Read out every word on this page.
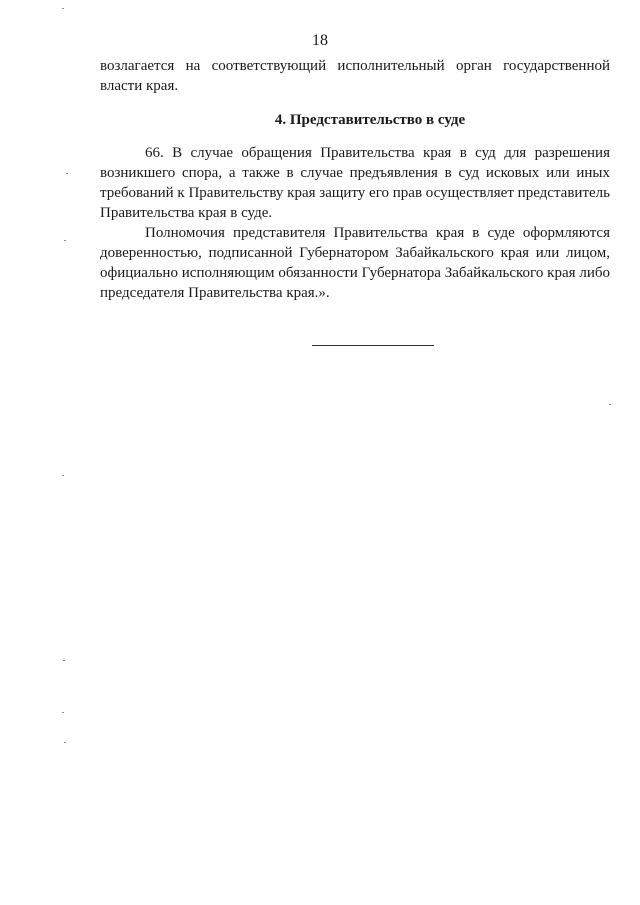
18

возлагается на соответствующий исполнительный орган государственной власти края.

4. Представительство в суде

66. В случае обращения Правительства края в суд для разрешения возникшего спора, а также в случае предъявления в суд исковых или иных требований к Правительству края защиту его прав осуществляет представитель Правительства края в суде.

Полномочия представителя Правительства края в суде оформляются доверенностью, подписанной Губернатором Забайкальского края или лицом, официально исполняющим обязанности Губернатора Забайкальского края либо председателя Правительства края.».
